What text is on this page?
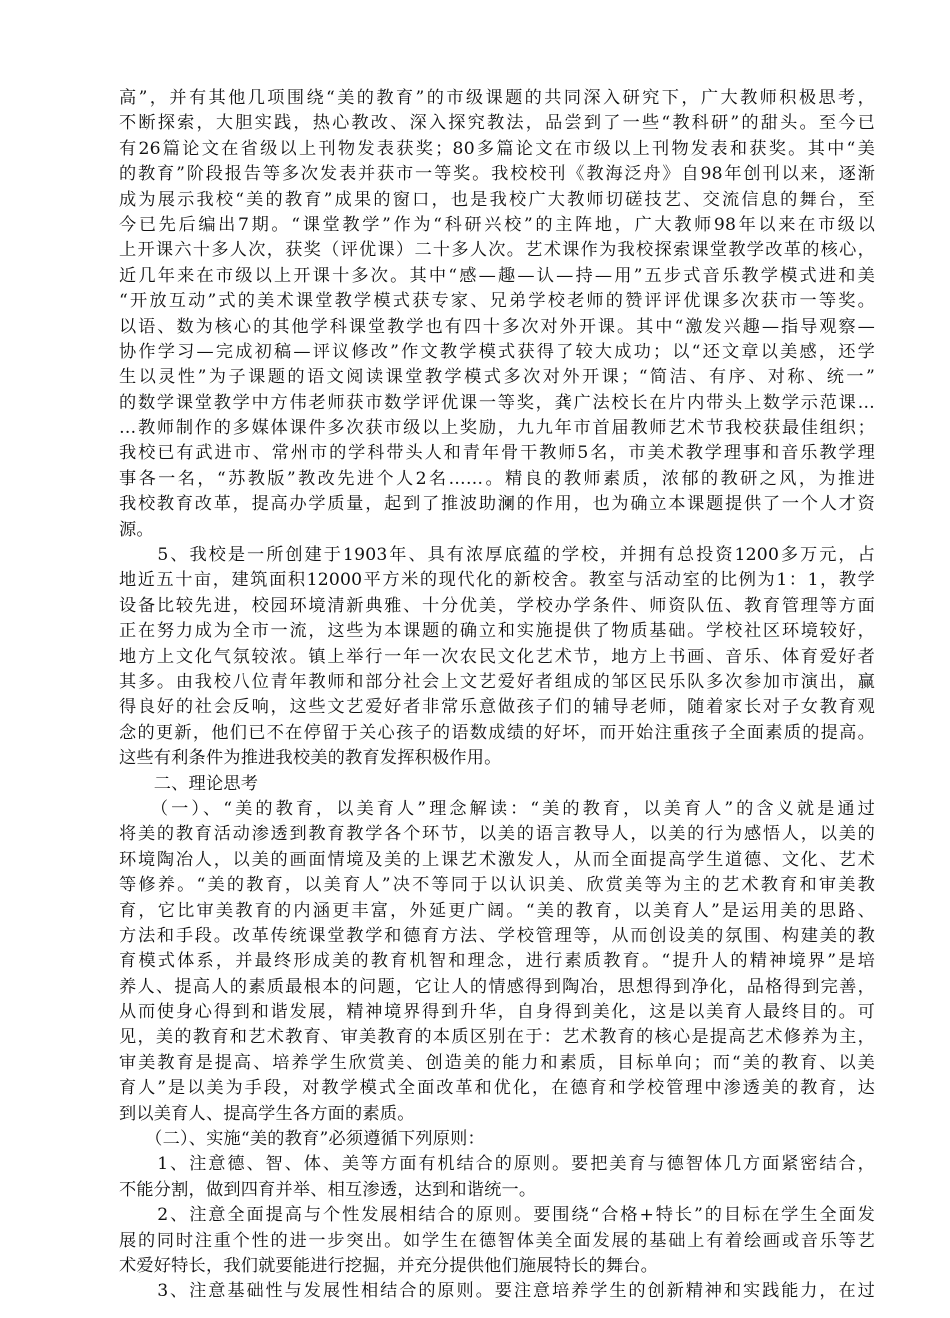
高”，并有其他几项围绕“美的教育”的市级课题的共同深入研究下，广大教师积极思考，
不断探索，大胆实践，热心教改、深入探究教法，品尝到了一些“教科研”的甜头。至今已
有26篇论文在省级以上刊物发表获奖；80多篇论文在市级以上刊物发表和获奖。其中“美
的教育”阶段报告等多次发表并获市一等奖。我校校刊《教海泛舟》自98年创刊以来，逐渐
成为展示我校“美的教育”成果的窗口，也是我校广大教师切磋技艺、交流信息的舞台，至
今已先后编出7期。“课堂教学”作为“科研兴校”的主阵地，广大教师98年以来在市级以
上开课六十多人次，获奖（评优课）二十多人次。艺术课作为我校探索课堂教学改革的核心，
近几年来在市级以上开课十多次。其中“感—趣—认—持—用”五步式音乐教学模式进和美
“开放互动”式的美术课堂教学模式获专家、兄弟学校老师的赞评评优课多次获市一等奖。
以语、数为核心的其他学科课堂教学也有四十多次对外开课。其中“激发兴趣—指导观察—
协作学习—完成初稿—评议修改”作文教学模式获得了较大成功；以“还文章以美感，还学
生以灵性”为子课题的语文阅读课堂教学模式多次对外开课；“简洁、有序、对称、统一”
的数学课堂教学中方伟老师获市数学评优课一等奖，龚广法校长在片内带头上数学示范课…
…教师制作的多媒体课件多次获市级以上奖励，九九年市首届教师艺术节我校获最佳组织；
我校已有武进市、常州市的学科带头人和青年骨干教师5名，市美术教学理事和音乐教学理
事各一名，“苏教版”教改先进个人2名……。精良的教师素质，浓郁的教研之风，为推进
我校教育改革，提高办学质量，起到了推波助澜的作用，也为确立本课题提供了一个人才资
源。
　　5、我校是一所创建于1903年、具有浓厚底蕴的学校，并拥有总投资1200多万元，占
地近五十亩，建筑面积12000平方米的现代化的新校舍。教室与活动室的比例为1：1，教学
设备比较先进，校园环境清新典雅、十分优美，学校办学条件、师资队伍、教育管理等方面
正在努力成为全市一流，这些为本课题的确立和实施提供了物质基础。学校社区环境较好，
地方上文化气氛较浓。镇上举行一年一次农民文化艺术节，地方上书画、音乐、体育爱好者
其多。由我校八位青年教师和部分社会上文艺爱好者组成的邹区民乐队多次参加市演出，赢
得良好的社会反响，这些文艺爱好者非常乐意做孩子们的辅导老师，随着家长对子女教育观
念的更新，他们已不在停留于关心孩子的语数成绩的好坏，而开始注重孩子全面素质的提高。
这些有利条件为推进我校美的教育发挥积极作用。
　　二、理论思考
　　（一）、“美的教育，以美育人”理念解读：“美的教育，以美育人”的含义就是通过
将美的教育活动渗透到教育教学各个环节，以美的语言教导人，以美的行为感悟人，以美的
环境陶冶人，以美的画面情境及美的上课艺术激发人，从而全面提高学生道德、文化、艺术
等修养。“美的教育，以美育人”决不等同于以认识美、欣赏美等为主的艺术教育和审美教
育，它比审美教育的内涵更丰富，外延更广阔。“美的教育，以美育人”是运用美的思路、
方法和手段。改革传统课堂教学和德育方法、学校管理等，从而创设美的氛围、构建美的教
育模式体系，并最终形成美的教育机智和理念，进行素质教育。“提升人的精神境界”是培
养人、提高人的素质最根本的问题，它让人的情感得到陶冶，思想得到净化，品格得到完善，
从而使身心得到和谐发展，精神境界得到升华，自身得到美化，这是以美育人最终目的。可
见，美的教育和艺术教育、审美教育的本质区别在于：艺术教育的核心是提高艺术修养为主，
审美教育是提高、培养学生欣赏美、创造美的能力和素质，目标单向；而“美的教育、以美
育人”是以美为手段，对教学模式全面改革和优化，在德育和学校管理中渗透美的教育，达
到以美育人、提高学生各方面的素质。
　　（二）、实施“美的教育”必须遵循下列原则：
　　1、注意德、智、体、美等方面有机结合的原则。要把美育与德智体几方面紧密结合，
不能分割，做到四育并举、相互渗透，达到和谐统一。
　　2、注意全面提高与个性发展相结合的原则。要围绕“合格+特长”的目标在学生全面发
展的同时注重个性的进一步突出。如学生在德智体美全面发展的基础上有着绘画或音乐等艺
术爱好特长，我们就要能进行挖掘，并充分提供他们施展特长的舞台。
　　3、注意基础性与发展性相结合的原则。要注意培养学生的创新精神和实践能力，在过
